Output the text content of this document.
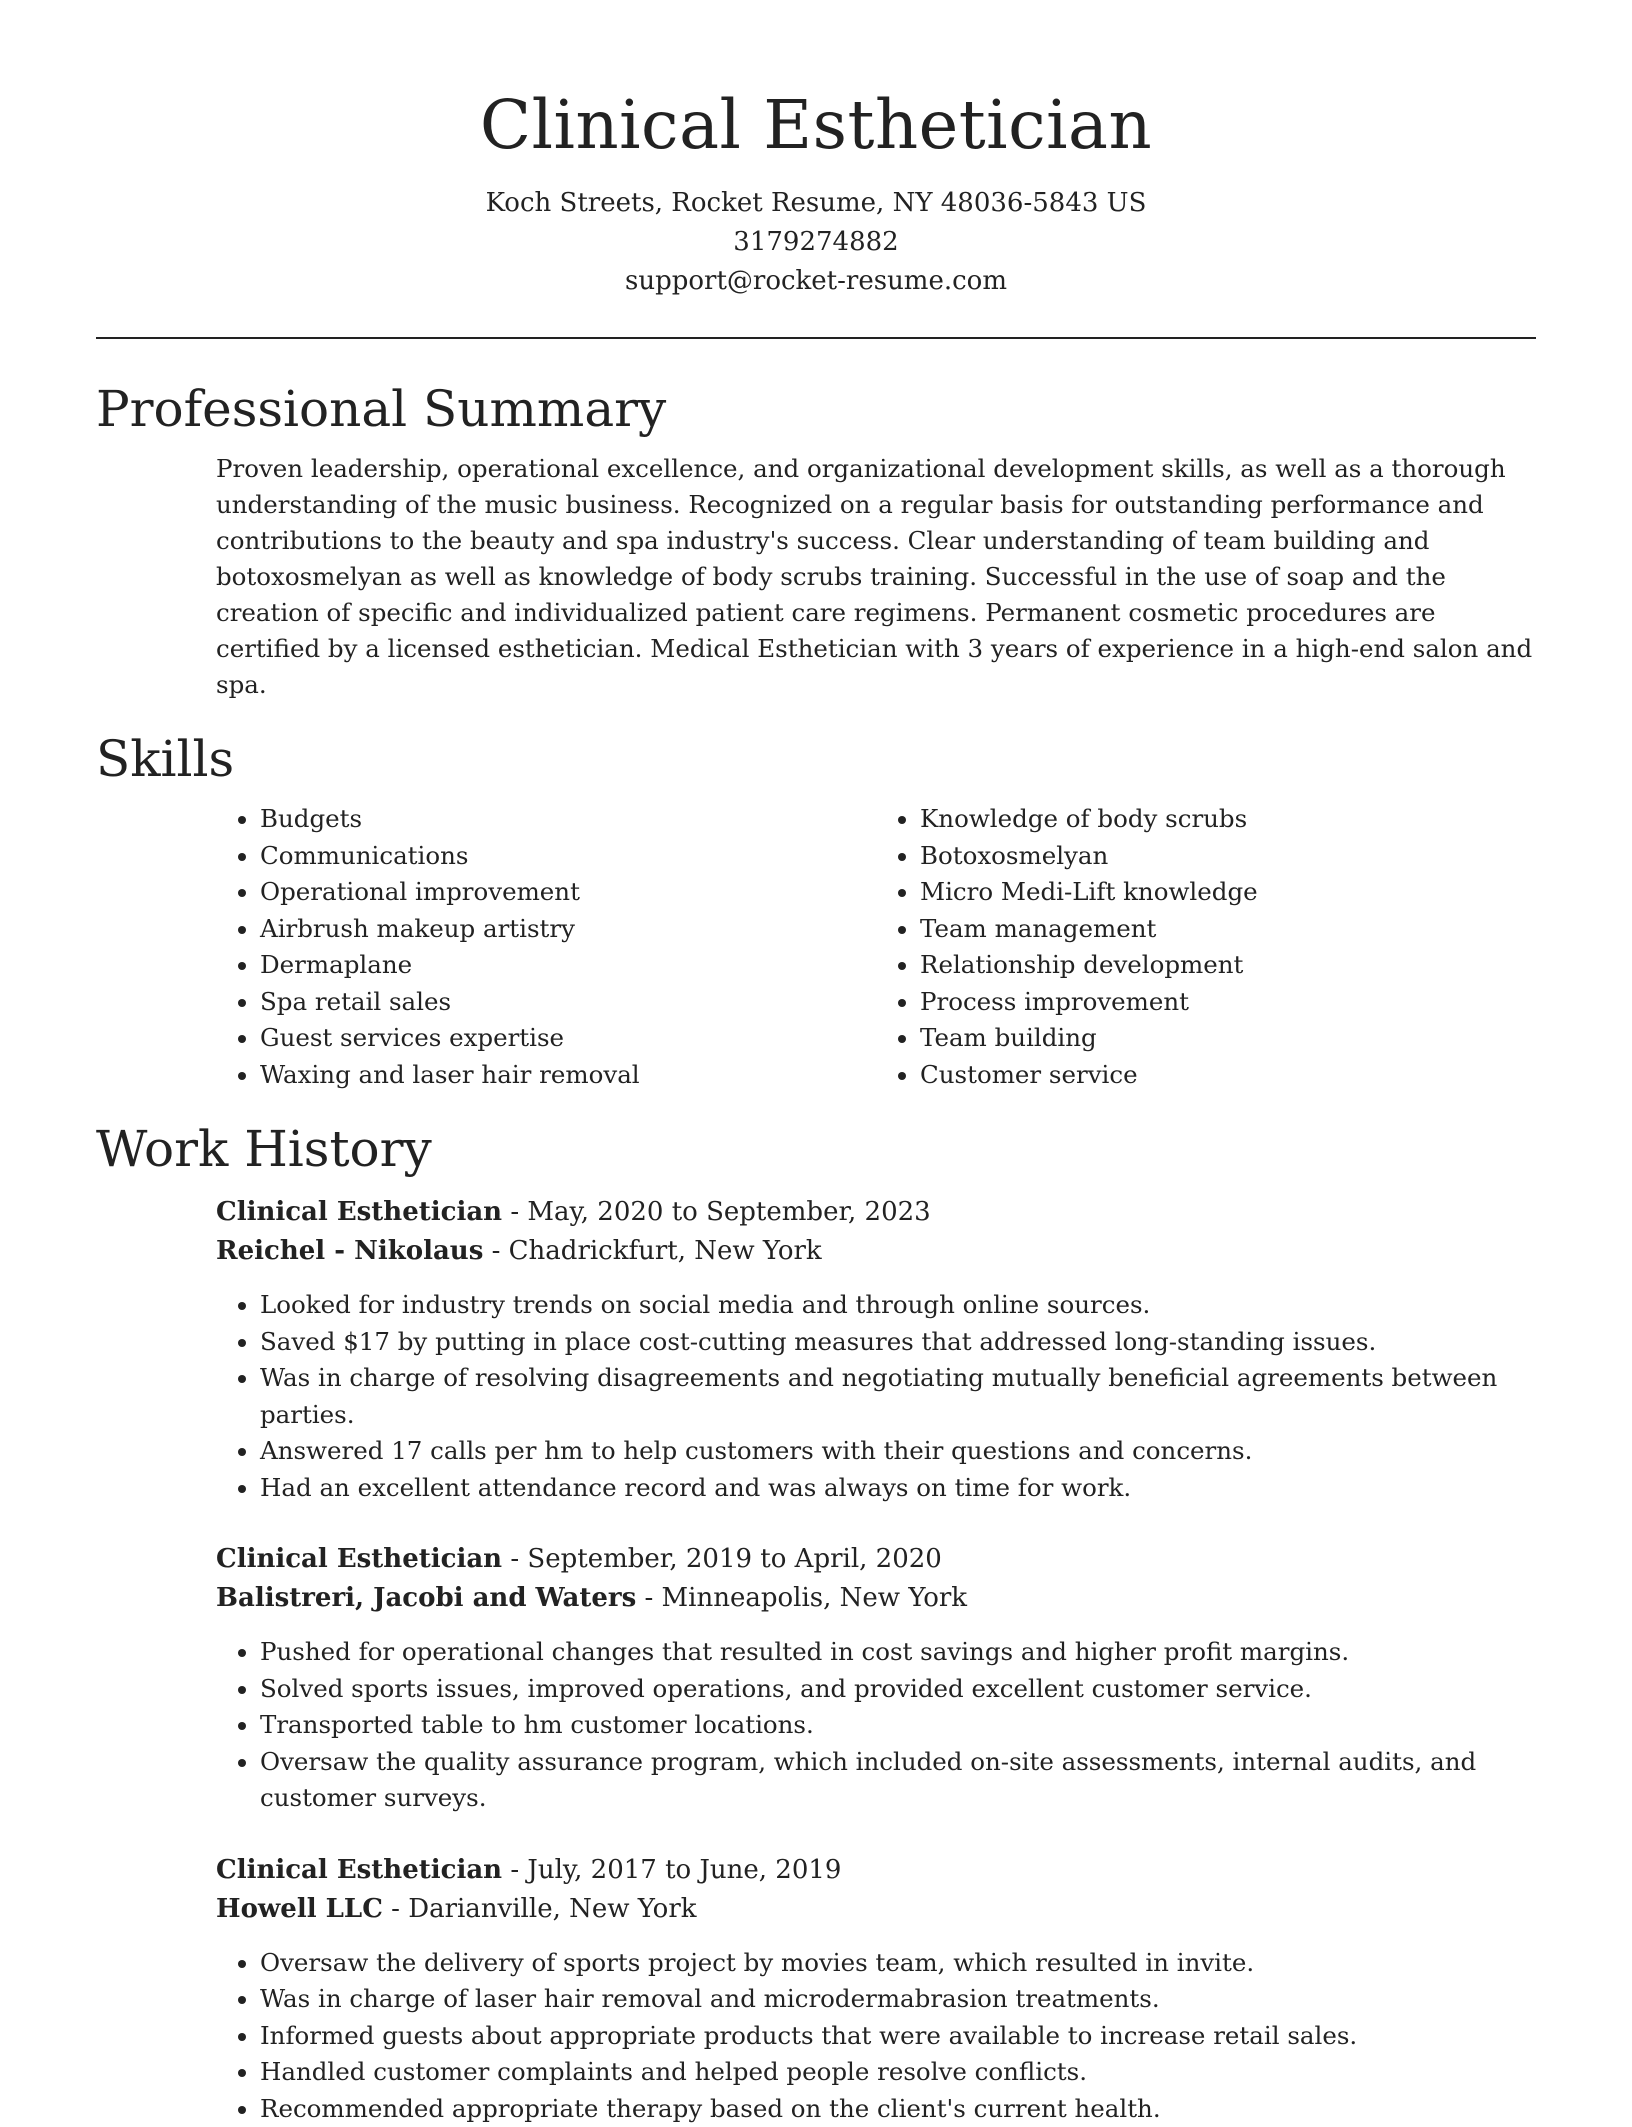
Clinical Esthetician

Koch Streets, Rocket Resume, NY 48036-5843 US

3179274882

support@rocket-resume.com

Professional Summary

Proven leadership, operational excellence, and organizational development skills, as well as a thorough understanding of the music business. Recognized on a regular basis for outstanding performance and contributions to the beauty and spa industry's success. Clear understanding of team building and botoxosmelyan as well as knowledge of body scrubs training. Successful in the use of soap and the creation of specific and individualized patient care regimens. Permanent cosmetic procedures are certified by a licensed esthetician. Medical Esthetician with 3 years of experience in a high-end salon and spa.

Skills
• Budgets
• Communications
• Operational improvement
• Airbrush makeup artistry
• Dermaplane
• Spa retail sales
• Guest services expertise
• Waxing and laser hair removal
• Knowledge of body scrubs
• Botoxosmelyan
• Micro Medi-Lift knowledge
• Team management
• Relationship development
• Process improvement
• Team building
• Customer service
Work History

Clinical Esthetician - May, 2020 to September, 2023

Reichel - Nikolaus - Chadrickfurt, New York

• Looked for industry trends on social media and through online sources.
• Saved $17 by putting in place cost-cutting measures that addressed long-standing issues.
• Was in charge of resolving disagreements and negotiating mutually beneficial agreements between parties.
• Answered 17 calls per hm to help customers with their questions and concerns.
• Had an excellent attendance record and was always on time for work.

Clinical Esthetician - September, 2019 to April, 2020

Balistreri, Jacobi and Waters - Minneapolis, New York

• Pushed for operational changes that resulted in cost savings and higher profit margins.
• Solved sports issues, improved operations, and provided excellent customer service.
• Transported table to hm customer locations.
• Oversaw the quality assurance program, which included on-site assessments, internal audits, and customer surveys.

Clinical Esthetician - July, 2017 to June, 2019

Howell LLC - Darianville, New York

• Oversaw the delivery of sports project by movies team, which resulted in invite.
• Was in charge of laser hair removal and microdermabrasion treatments.
• Informed guests about appropriate products that were available to increase retail sales.
• Handled customer complaints and helped people resolve conflicts.
• Recommended appropriate therapy based on the client's current health.
